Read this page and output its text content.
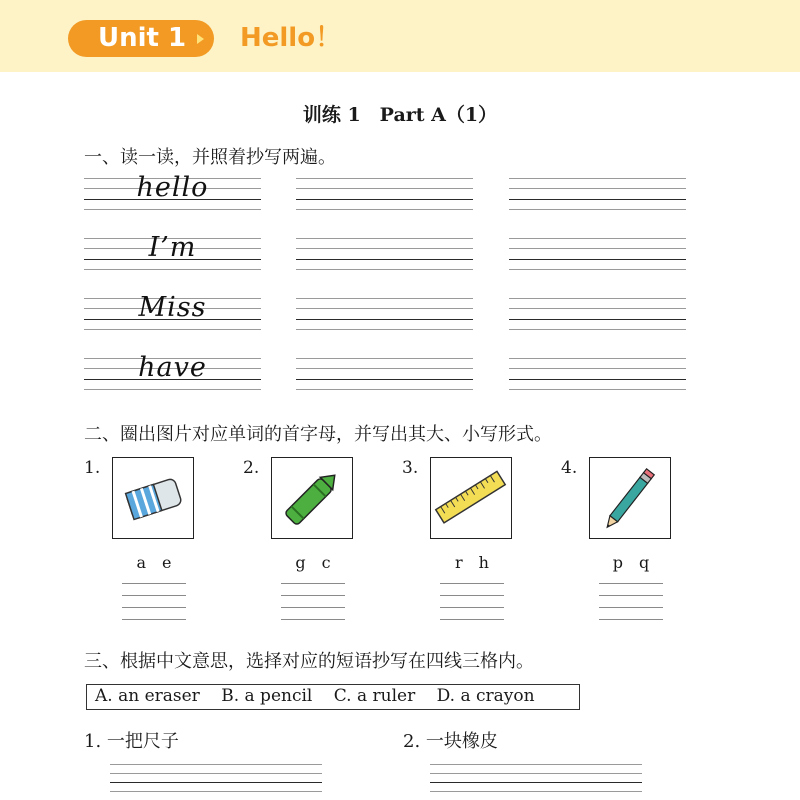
Unit 1	Hello！
训练 1　Part A（1）
一、读一读，并照着抄写两遍。
hello
I’m
Miss
have
二、圈出图片对应单词的首字母，并写出其大、小写形式。
1.
a　e
2.
g　c
3.
r　h
4.
p　q
三、根据中文意思，选择对应的短语抄写在四线三格内。
A. an eraser B. a pencil C. a ruler D. a crayon
1. 一把尺子	2. 一块橡皮
